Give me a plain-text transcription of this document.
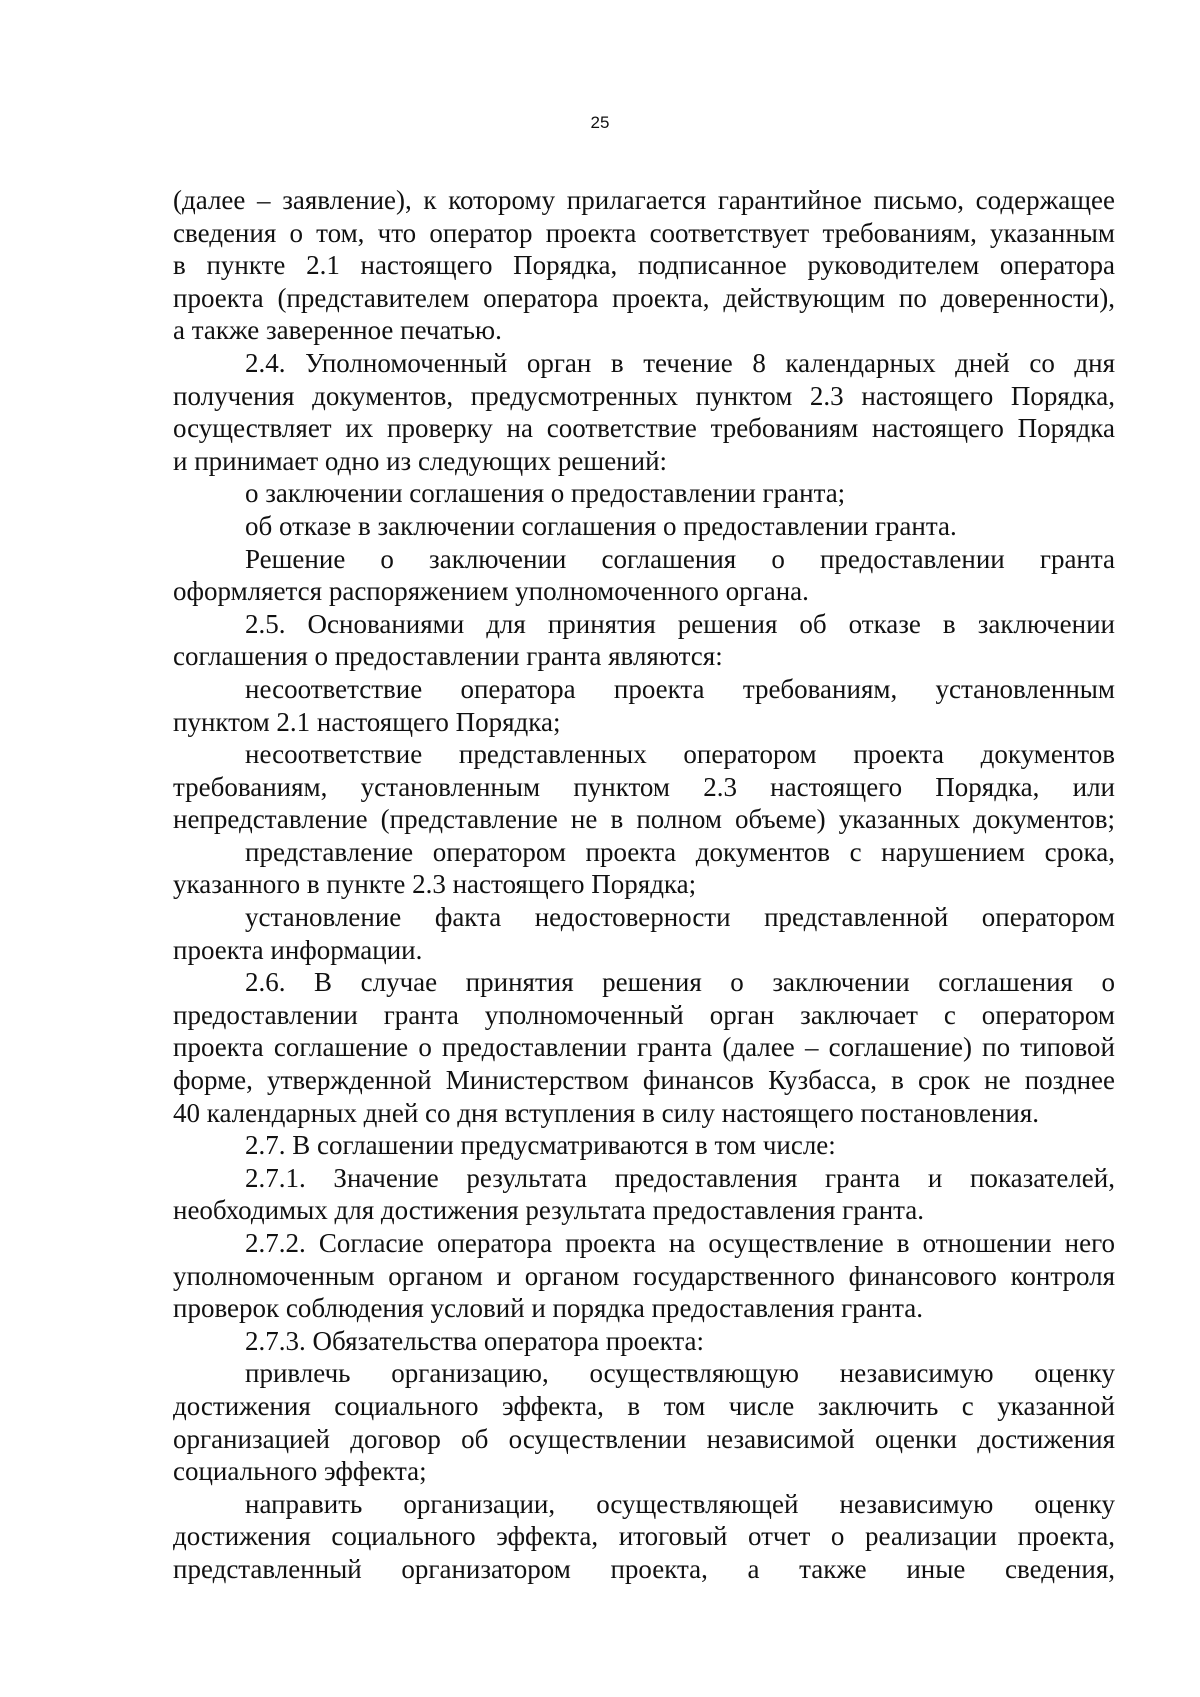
25
(далее – заявление), к которому прилагается гарантийное письмо, содержащее
сведения о том, что оператор проекта соответствует требованиям, указанным
в пункте 2.1 настоящего Порядка, подписанное руководителем оператора
проекта (представителем оператора проекта, действующим по доверенности),
а также заверенное печатью.
2.4. Уполномоченный орган в течение 8 календарных дней со дня
получения документов, предусмотренных пунктом 2.3 настоящего Порядка,
осуществляет их проверку на соответствие требованиям настоящего Порядка
и принимает одно из следующих решений:
о заключении соглашения о предоставлении гранта;
об отказе в заключении соглашения о предоставлении гранта.
Решение о заключении соглашения о предоставлении гранта
оформляется распоряжением уполномоченного органа.
2.5. Основаниями для принятия решения об отказе в заключении
соглашения о предоставлении гранта являются:
несоответствие оператора проекта требованиям, установленным
пунктом 2.1 настоящего Порядка;
несоответствие представленных оператором проекта документов
требованиям, установленным пунктом 2.3 настоящего Порядка, или
непредставление (представление не в полном объеме) указанных документов;
представление оператором проекта документов с нарушением срока,
указанного в пункте 2.3 настоящего Порядка;
установление факта недостоверности представленной оператором
проекта информации.
2.6. В случае принятия решения о заключении соглашения о
предоставлении гранта уполномоченный орган заключает с оператором
проекта соглашение о предоставлении гранта (далее – соглашение) по типовой
форме, утвержденной Министерством финансов Кузбасса, в срок не позднее
40 календарных дней со дня вступления в силу настоящего постановления.
2.7. В соглашении предусматриваются в том числе:
2.7.1. Значение результата предоставления гранта и показателей,
необходимых для достижения результата предоставления гранта.
2.7.2. Согласие оператора проекта на осуществление в отношении него
уполномоченным органом и органом государственного финансового контроля
проверок соблюдения условий и порядка предоставления гранта.
2.7.3. Обязательства оператора проекта:
привлечь организацию, осуществляющую независимую оценку
достижения социального эффекта, в том числе заключить с указанной
организацией договор об осуществлении независимой оценки достижения
социального эффекта;
направить организации, осуществляющей независимую оценку
достижения социального эффекта, итоговый отчет о реализации проекта,
представленный организатором проекта, а также иные сведения,
